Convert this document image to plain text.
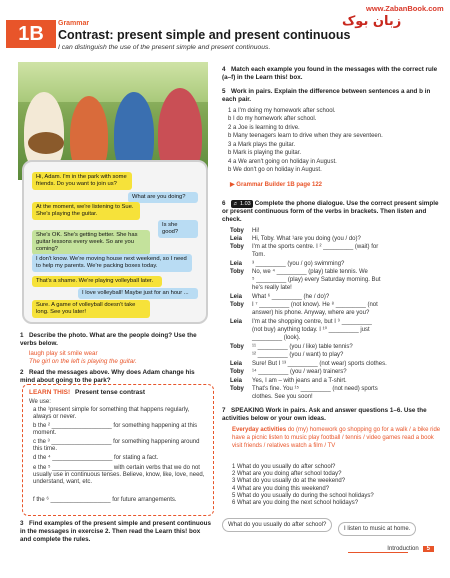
1B	Grammar
Contrast: present simple and present continuous
I can distinguish the use of the present simple and present continuous.
www.ZabanBook.com
زبان بوک
Hi, Adam. I'm in the park with some friends. Do you want to join us?
What are you doing?
At the moment, we're listening to Sue. She's playing the guitar.
Is she good?
She's OK. She's getting better. She has guitar lessons every week. So are you coming?
I don't know. We're moving house next weekend, so I need to help my parents. We're packing boxes today.
That's a shame. We're playing volleyball later.
I love volleyball! Maybe just for an hour ...
Sure. A game of volleyball doesn't take long. See you later!
1 Describe the photo. What are the people doing? Use the verbs below.
laugh play sit smile wear
The girl on the left is playing the guitar.
2 Read the messages above. Why does Adam change his mind about going to the park?
LEARN THIS! Present tense contrast
We use:
a the ¹present simple for something that happens regularly, always or never.
b the ² __________________ for something happening at this moment.
c the ³ __________________ for something happening around this time.
d the ⁴ __________________ for stating a fact.
e the ⁵ __________________ with certain verbs that we do not usually use in continuous tenses. Believe, know, like, love, need, understand, want, etc.
f the ⁶ __________________ for future arrangements.
3 Find examples of the present simple and present continuous in the messages in exercise 2. Then read the Learn this! box and complete the rules.
4 Match each example you found in the messages with the correct rule (a–f) in the Learn this! box.
5 Work in pairs. Explain the difference between sentences a and b in each pair.
1 a I'm doing my homework after school.
b I do my homework after school.
2 a Joe is learning to drive.
b Many teenagers learn to drive when they are seventeen.
3 a Mark plays the guitar.
b Mark is playing the guitar.
4 a We aren't going on holiday in August.
b We don't go on holiday in August.
▶ Grammar Builder 1B page 122
6 ♬ 1.03 Complete the phone dialogue. Use the correct present simple or present continuous form of the verbs in brackets. Then listen and check.
Toby Hi!
Leia Hi, Toby. What ¹are you doing (you / do)?
Toby I'm at the sports centre. I ² _________ (wait) for
Tom.
Leia ³ _________ (you / go) swimming?
Toby No, we ⁴ _________ (play) table tennis. We
⁵ _________ (play) every Saturday morning. But
he's really late!
Leia What ⁶ _________ (he / do)?
Toby I ⁷ _________ (not know). He ⁸ _________ (not
answer) his phone. Anyway, where are you?
Leia I'm at the shopping centre, but I ⁹ _________
(not buy) anything today. I ¹⁰ _________ just
_________ (look).
Toby ¹¹ _________ (you / like) table tennis?
¹² _________ (you / want) to play?
Leia Sure! But I ¹³ _________ (not wear) sports clothes.
Toby ¹⁴ _________ (you / wear) trainers?
Leia Yes, I am – with jeans and a T-shirt.
Toby That's fine. You ¹⁵ _________ (not need) sports
clothes. See you soon!
7 SPEAKING Work in pairs. Ask and answer questions 1–6. Use the activities below or your own ideas.
Everyday activities do (my) homework go shopping go for a walk / a bike ride have a picnic listen to music play football / tennis / video games read a book visit friends / relatives watch a film / TV
1 What do you usually do after school?
2 What are you doing after school today?
3 What do you usually do at the weekend?
4 What are you doing this weekend?
5 What do you usually do during the school holidays?
6 What are you doing the next school holidays?
What do you usually do after school?
I listen to music at home.
Introduction 5
